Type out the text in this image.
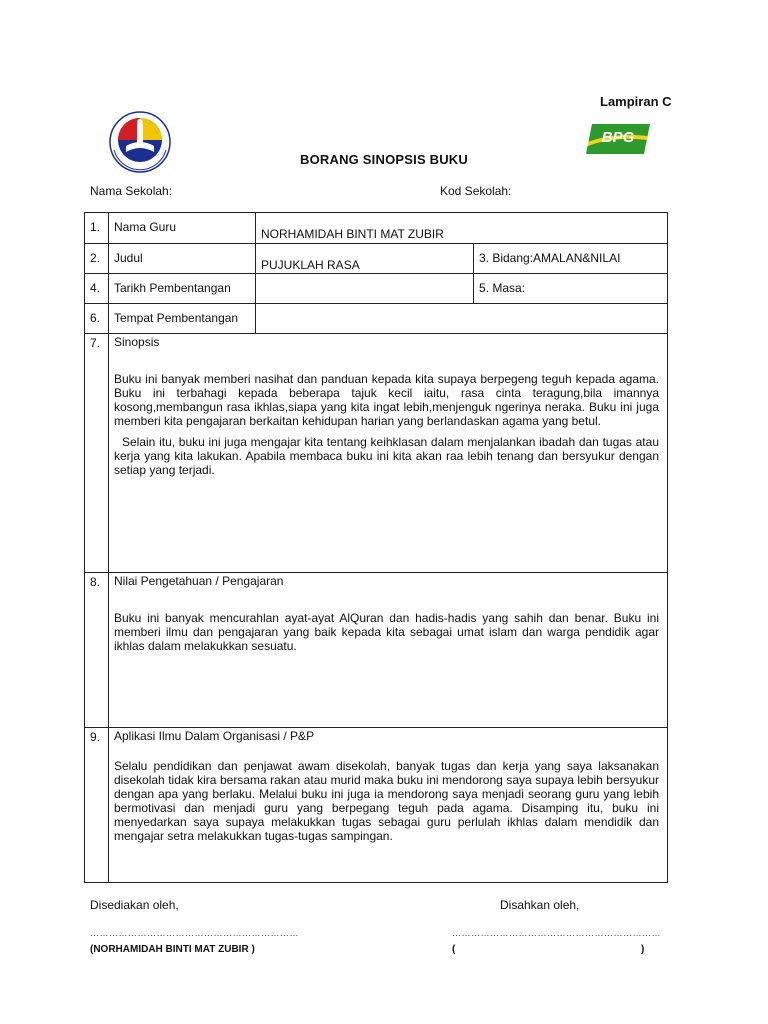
Lampiran C
BPG
BORANG SINOPSIS BUKU
Nama Sekolah:	Kod Sekolah:
1.	Nama Guru	NORHAMIDAH BINTI MAT ZUBIR	
2.	Judul	PUJUKLAH RASA	3. Bidang:AMALAN&NILAI
4.	Tarikh Pembentangan		5. Masa:
6.	Tempat Pembentangan		
7.	Sinopsis

Buku ini banyak memberi nasihat dan panduan kepada kita supaya berpegeng teguh kepada agama. Buku ini terbahagi kepada beberapa tajuk kecil iaitu, rasa cinta teragung,bila imannya kosong,membangun rasa ikhlas,siapa yang kita ingat lebih,menjenguk ngerinya neraka. Buku ini juga memberi kita pengajaran berkaitan kehidupan harian yang berlandaskan agama yang betul.

Selain itu, buku ini juga mengajar kita tentang keihklasan dalam menjalankan ibadah dan tugas atau kerja yang kita lakukan. Apabila membaca buku ini kita akan raa lebih tenang dan bersyukur dengan setiap yang terjadi.		

8.	Nilai Pengetahuan / Pengajaran

Buku ini banyak mencurahlan ayat-ayat AlQuran dan hadis-hadis yang sahih dan benar. Buku ini memberi ilmu dan pengajaran yang baik kepada kita sebagai umat islam dan warga pendidik agar ikhlas dalam melakukkan sesuatu.		

9.	Aplikasi Ilmu Dalam Organisasi / P&P

Selalu pendidikan dan penjawat awam disekolah, banyak tugas dan kerja yang saya laksanakan disekolah tidak kira bersama rakan atau murid maka buku ini mendorong saya supaya lebih bersyukur dengan apa yang berlaku. Melalui buku ini juga ia mendorong saya menjadi seorang guru yang lebih bermotivasi dan menjadi guru yang berpegang teguh pada agama. Disamping itu, buku ini menyedarkan saya supaya melakukkan tugas sebagai guru perlulah ikhlas dalam mendidik dan mengajar setra melakukkan tugas-tugas sampingan.		

Disediakan oleh,	Disahkan oleh,
…………………………………………………………	…………………………………………………………
(NORHAMIDAH BINTI MAT ZUBIR )	(	)
